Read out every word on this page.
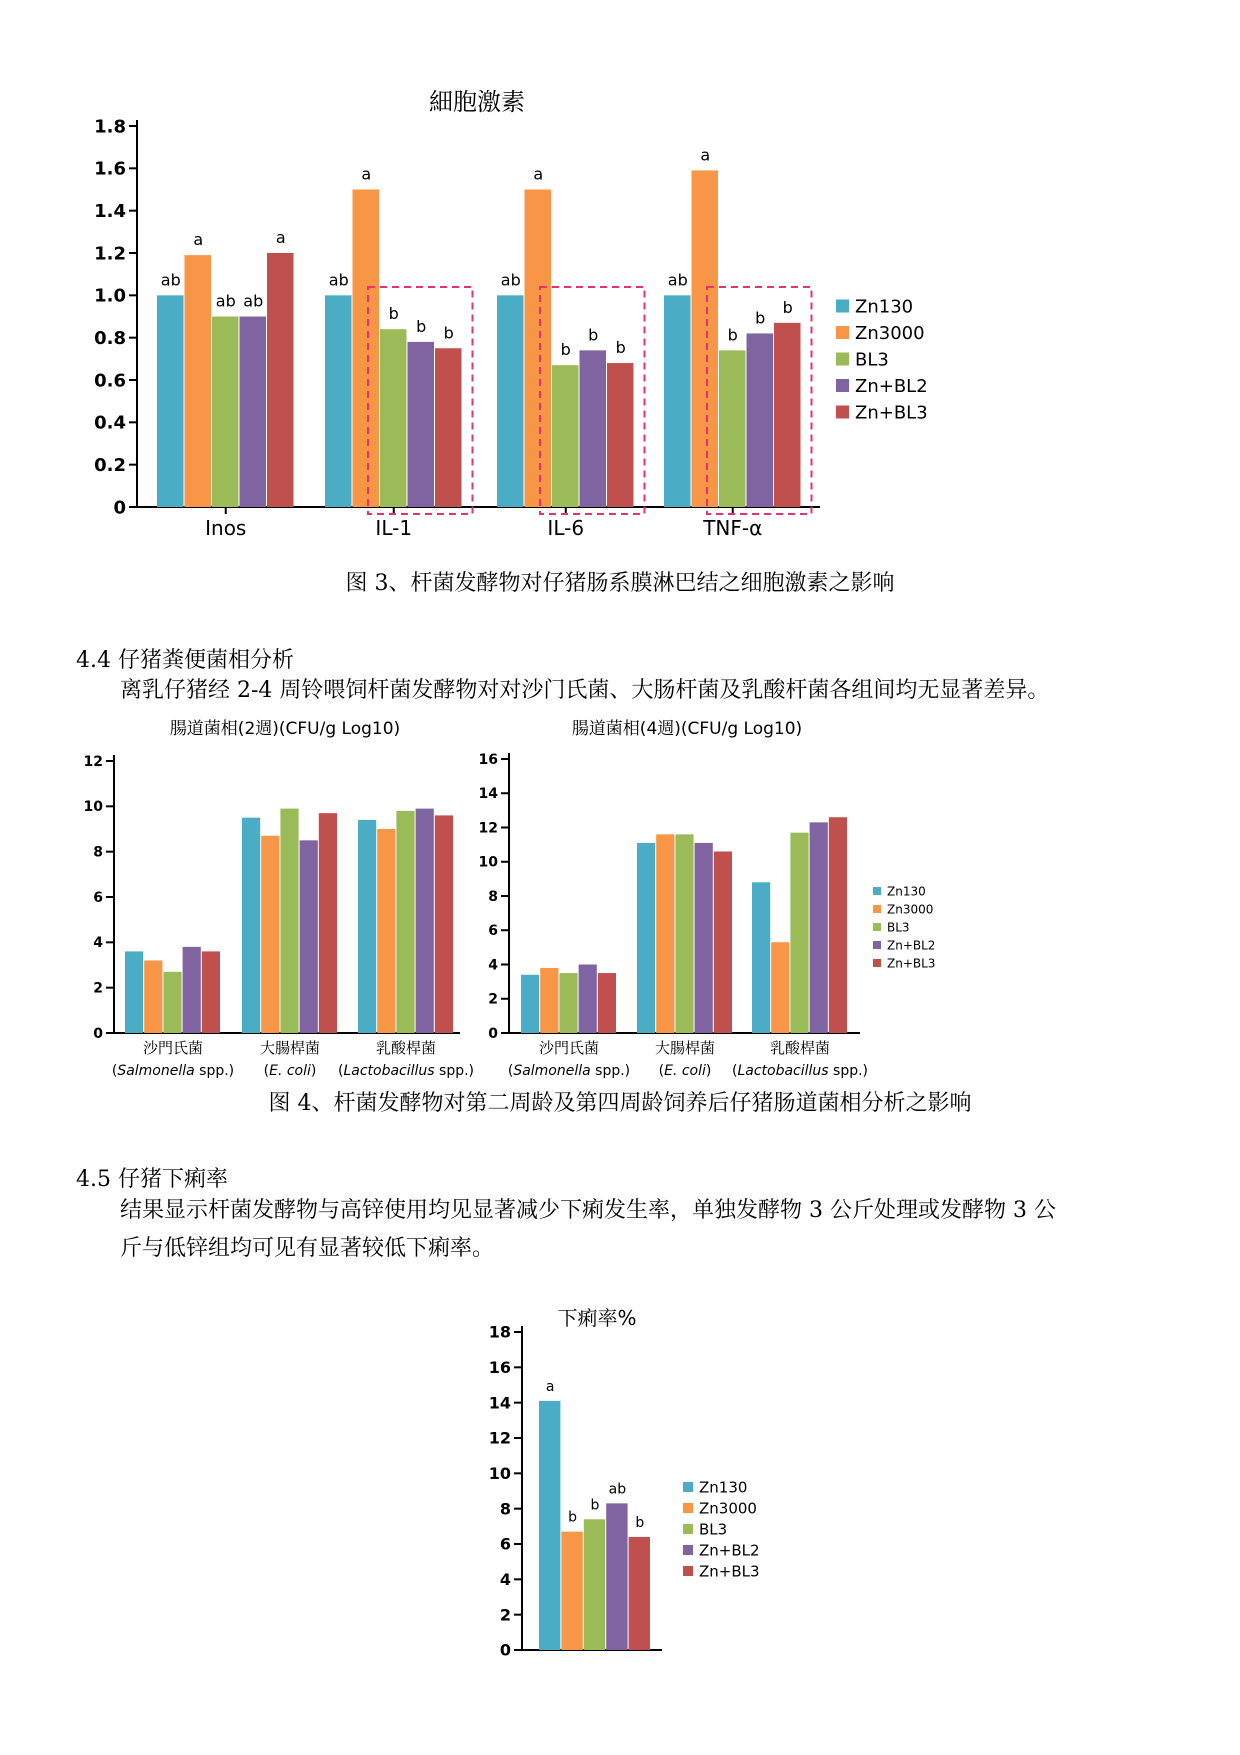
細胞激素
0
0.2
0.4
0.6
0.8
1.0
1.2
1.4
1.6
1.8
ab
a
ab ab
a
Inos
ab
a
b
b b
IL-1
ab
a
b
b
b
IL-6
ab
a
b
b
b
TNF-α
Zn130
Zn3000
BL3
Zn+BL2
Zn+BL3
图 3、杆菌发酵物对仔猪肠系膜淋巴结之细胞激素之影响
4.4 仔猪粪便菌相分析
离乳仔猪经 2-4 周铃喂饲杆菌发酵物对对沙门氏菌、大肠杆菌及乳酸杆菌各组间均无显著差异。
腸道菌相(2週)(CFU/g Log10)
0
2
4
6
8
10
12
沙門氏菌
(Salmonella spp.)
大腸桿菌
(E. coli)
乳酸桿菌
(Lactobacillus spp.)
腸道菌相(4週)(CFU/g Log10)
0
2
4
6
8
10
12
14
16
沙門氏菌
(Salmonella spp.)
大腸桿菌
(E. coli)
乳酸桿菌
(Lactobacillus spp.)
Zn130
Zn3000
BL3
Zn+BL2
Zn+BL3
图 4、杆菌发酵物对第二周龄及第四周龄饲养后仔猪肠道菌相分析之影响
4.5 仔猪下痢率
结果显示杆菌发酵物与高锌使用均见显著减少下痢发生率，单独发酵物 3 公斤处理或发酵物 3 公
斤与低锌组均可见有显著较低下痢率。
下痢率%
0
2
4
6
8
10
12
14
16
18
a
b
b
ab
b
Zn130
Zn3000
BL3
Zn+BL2
Zn+BL3
